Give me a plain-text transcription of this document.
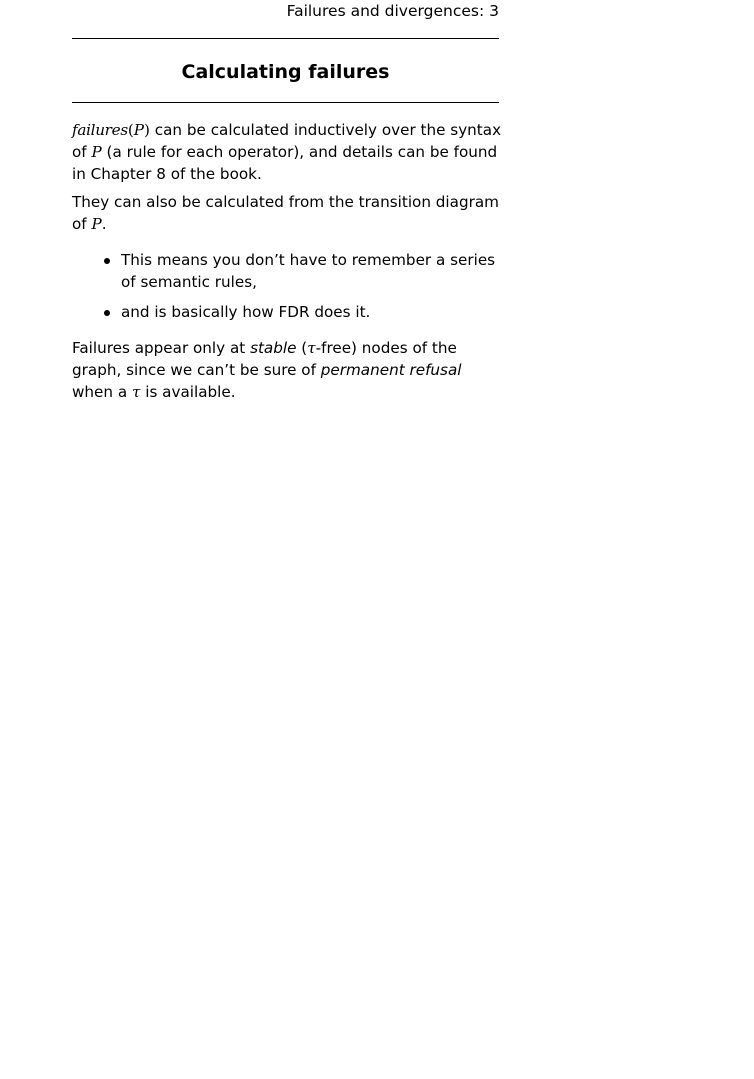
Failures and divergences: 3
Calculating failures

failures(P) can be calculated inductively over the syntax of P (a rule for each operator), and details can be found in Chapter 8 of the book.

They can also be calculated from the transition diagram of P.

This means you don’t have to remember a series of semantic rules,
and is basically how FDR does it.

Failures appear only at stable (τ-free) nodes of the graph, since we can’t be sure of permanent refusal when a τ is available.
